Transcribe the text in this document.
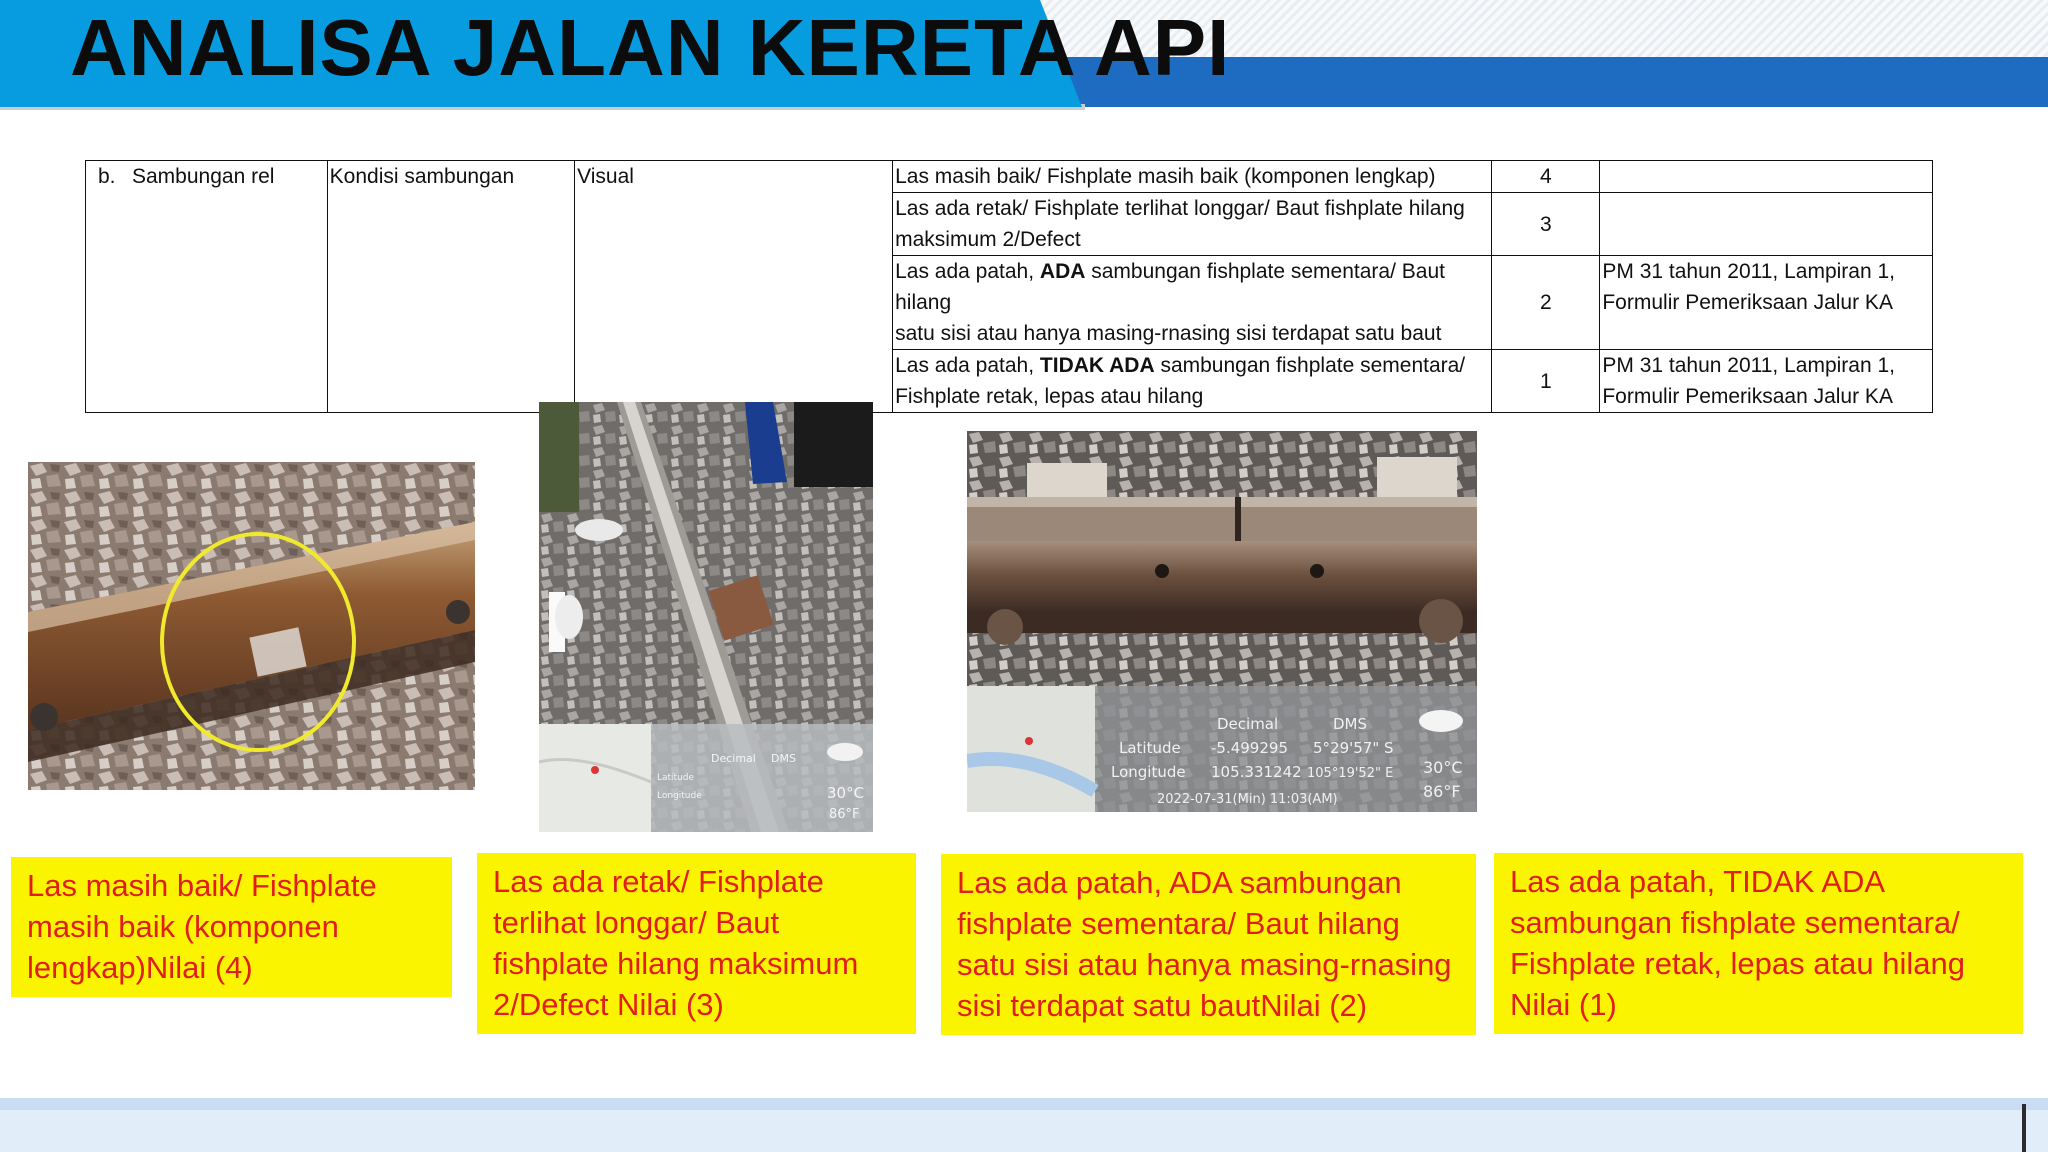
ANALISA JALAN KERETA API
b. Sambungan rel	Kondisi sambungan	Visual	Las masih baik/ Fishplate masih baik (komponen lengkap)	4	
			Las ada retak/ Fishplate terlihat longgar/ Baut fishplate hilang
maksimum 2/Defect	3	
			Las ada patah, ADA sambungan fishplate sementara/ Baut hilang
satu sisi atau hanya masing-rnasing sisi terdapat satu baut	2	PM 31 tahun 2011, Lampiran 1,
Formulir Pemeriksaan Jalur KA
			Las ada patah, TIDAK ADA sambungan fishplate sementara/
Fishplate retak, lepas atau hilang	1	PM 31 tahun 2011, Lampiran 1,
Formulir Pemeriksaan Jalur KA
Decimal DMS
Latitude
Longitude	30°C
86°F
Decimal	DMS
Latitude -5.499295 5°29'57" S
Longitude 105.331242 105°19'52" E
2022-07-31(Min) 11:03(AM)
30°C
86°F
Las masih baik/ Fishplate
masih baik (komponen
lengkap)Nilai (4)
Las ada retak/ Fishplate
terlihat longgar/ Baut
fishplate hilang maksimum
2/Defect Nilai (3)
Las ada patah, ADA sambungan
fishplate sementara/ Baut hilang
satu sisi atau hanya masing-rnasing
sisi terdapat satu bautNilai (2)
Las ada patah, TIDAK ADA
sambungan fishplate sementara/
Fishplate retak, lepas atau hilang
Nilai (1)
